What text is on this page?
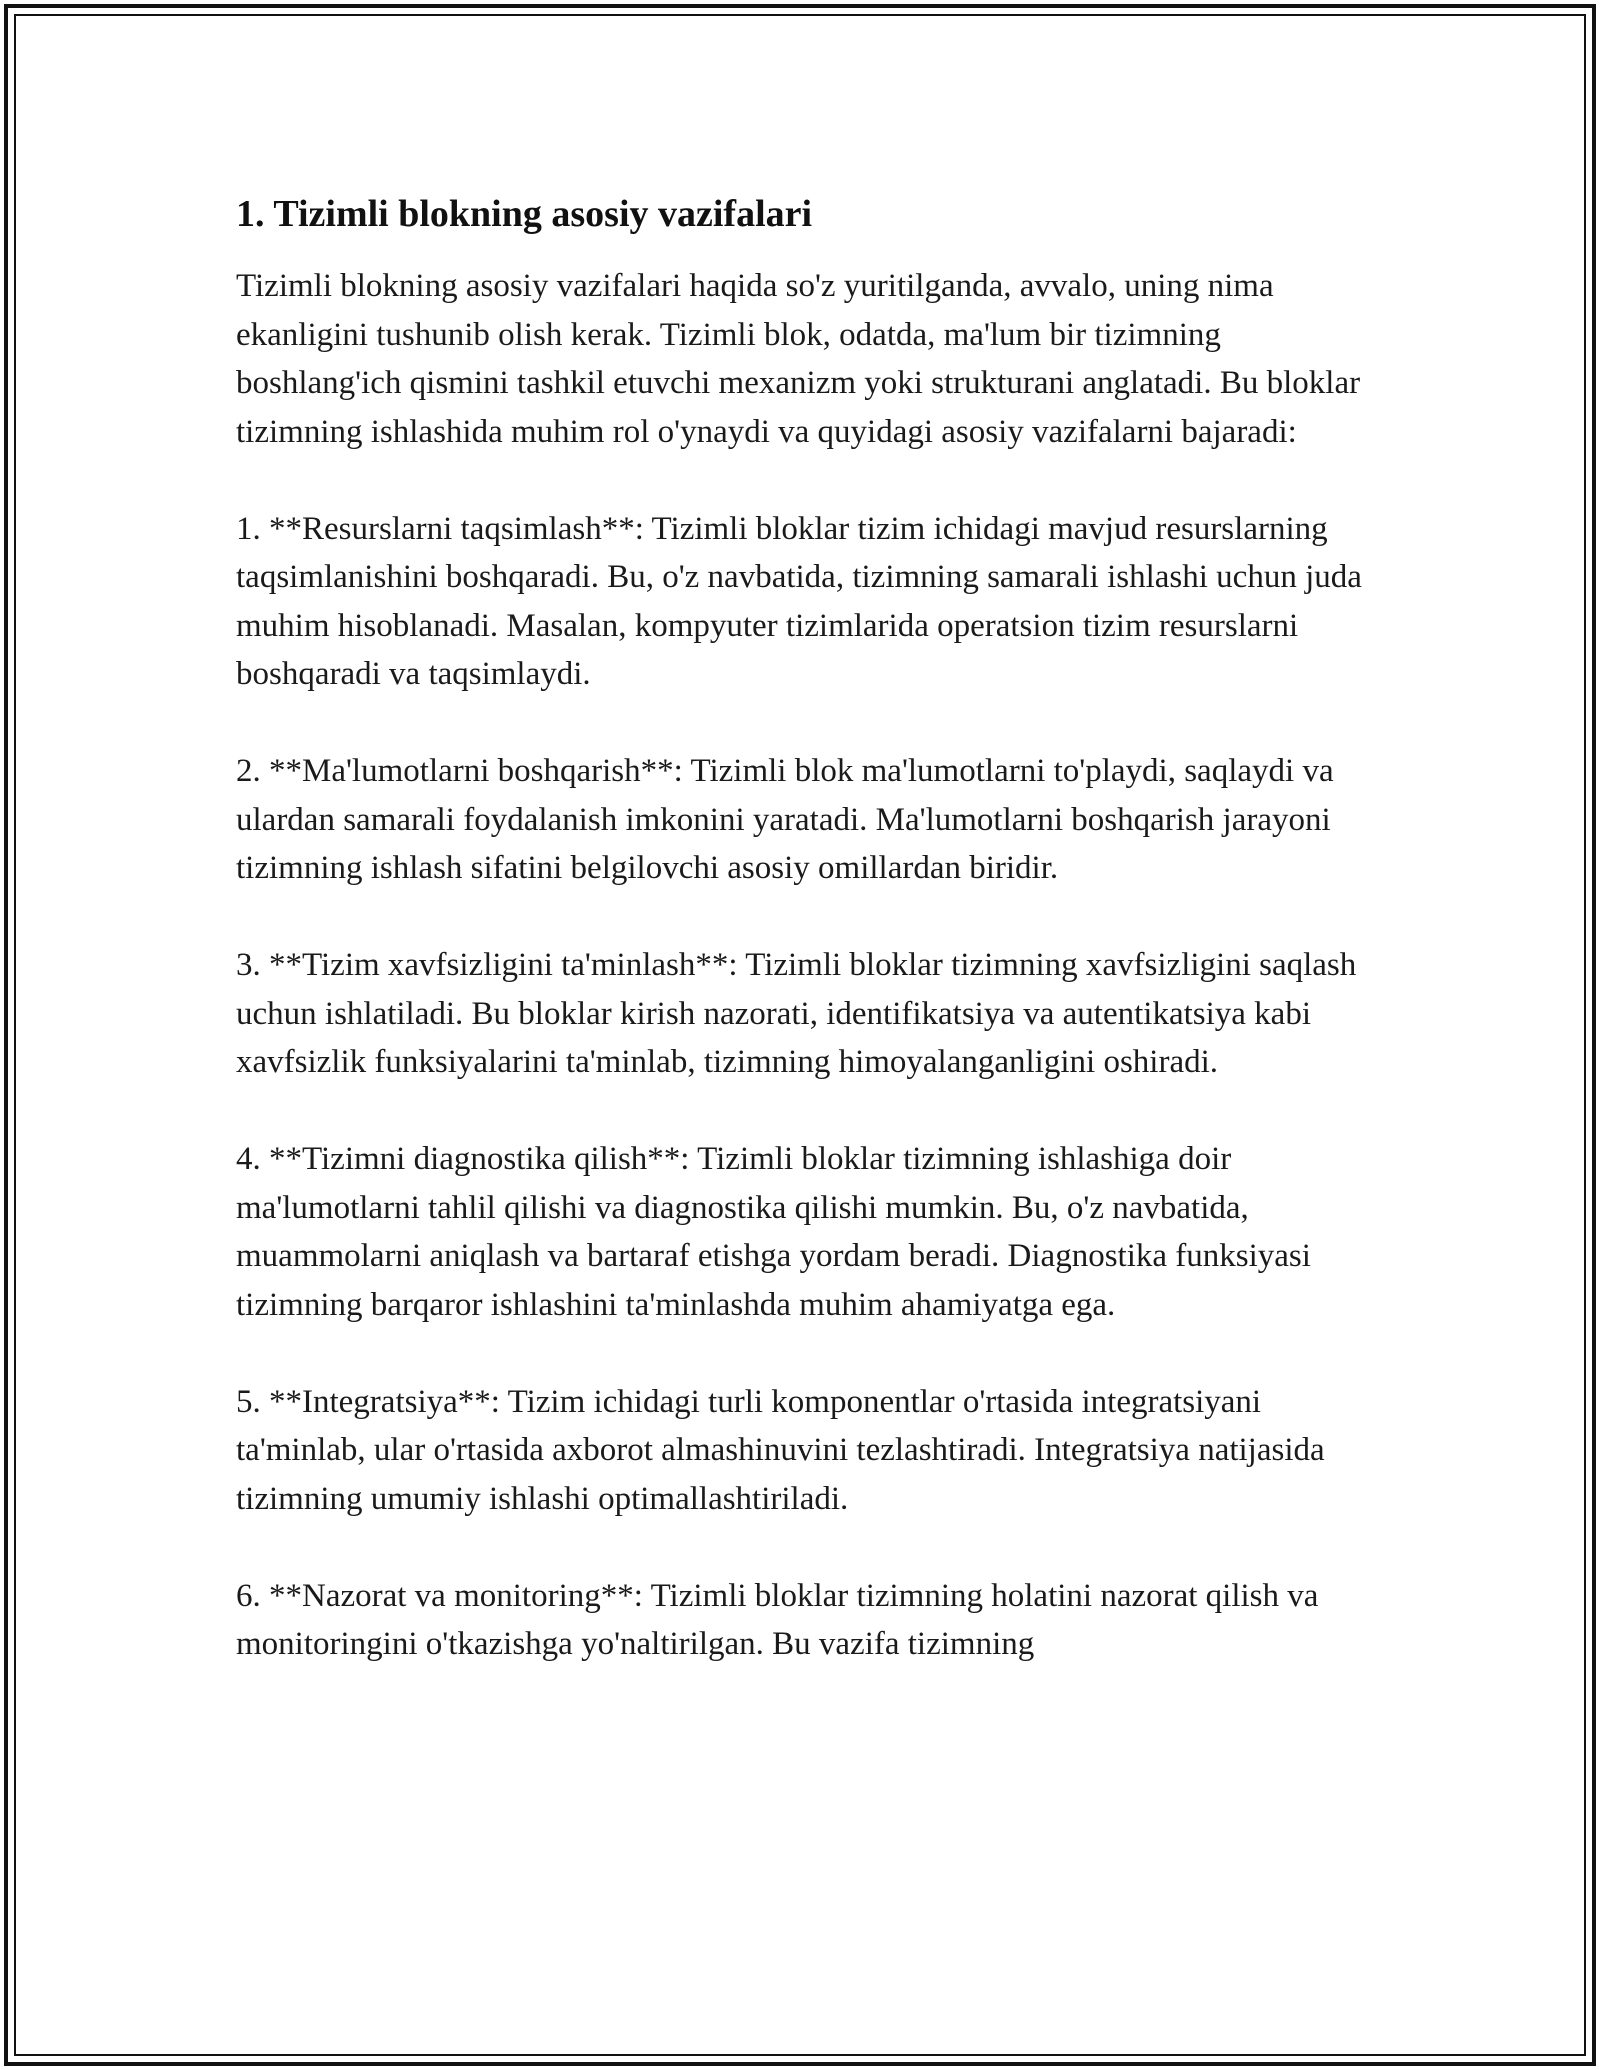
1. Tizimli blokning asosiy vazifalari

Tizimli blokning asosiy vazifalari haqida so'z yuritilganda, avvalo, uning nima ekanligini tushunib olish kerak. Tizimli blok, odatda, ma'lum bir tizimning boshlang'ich qismini tashkil etuvchi mexanizm yoki strukturani anglatadi. Bu bloklar tizimning ishlashida muhim rol o'ynaydi va quyidagi asosiy vazifalarni bajaradi:

1. **Resurslarni taqsimlash**: Tizimli bloklar tizim ichidagi mavjud resurslarning taqsimlanishini boshqaradi. Bu, o'z navbatida, tizimning samarali ishlashi uchun juda muhim hisoblanadi. Masalan, kompyuter tizimlarida operatsion tizim resurslarni boshqaradi va taqsimlaydi.

2. **Ma'lumotlarni boshqarish**: Tizimli blok ma'lumotlarni to'playdi, saqlaydi va ulardan samarali foydalanish imkonini yaratadi. Ma'lumotlarni boshqarish jarayoni tizimning ishlash sifatini belgilovchi asosiy omillardan biridir.

3. **Tizim xavfsizligini ta'minlash**: Tizimli bloklar tizimning xavfsizligini saqlash uchun ishlatiladi. Bu bloklar kirish nazorati, identifikatsiya va autentikatsiya kabi xavfsizlik funksiyalarini ta'minlab, tizimning himoyalanganligini oshiradi.

4. **Tizimni diagnostika qilish**: Tizimli bloklar tizimning ishlashiga doir ma'lumotlarni tahlil qilishi va diagnostika qilishi mumkin. Bu, o'z navbatida, muammolarni aniqlash va bartaraf etishga yordam beradi. Diagnostika funksiyasi tizimning barqaror ishlashini ta'minlashda muhim ahamiyatga ega.

5. **Integratsiya**: Tizim ichidagi turli komponentlar o'rtasida integratsiyani ta'minlab, ular o'rtasida axborot almashinuvini tezlashtiradi. Integratsiya natijasida tizimning umumiy ishlashi optimallashtiriladi.

6. **Nazorat va monitoring**: Tizimli bloklar tizimning holatini nazorat qilish va monitoringini o'tkazishga yo'naltirilgan. Bu vazifa tizimning
